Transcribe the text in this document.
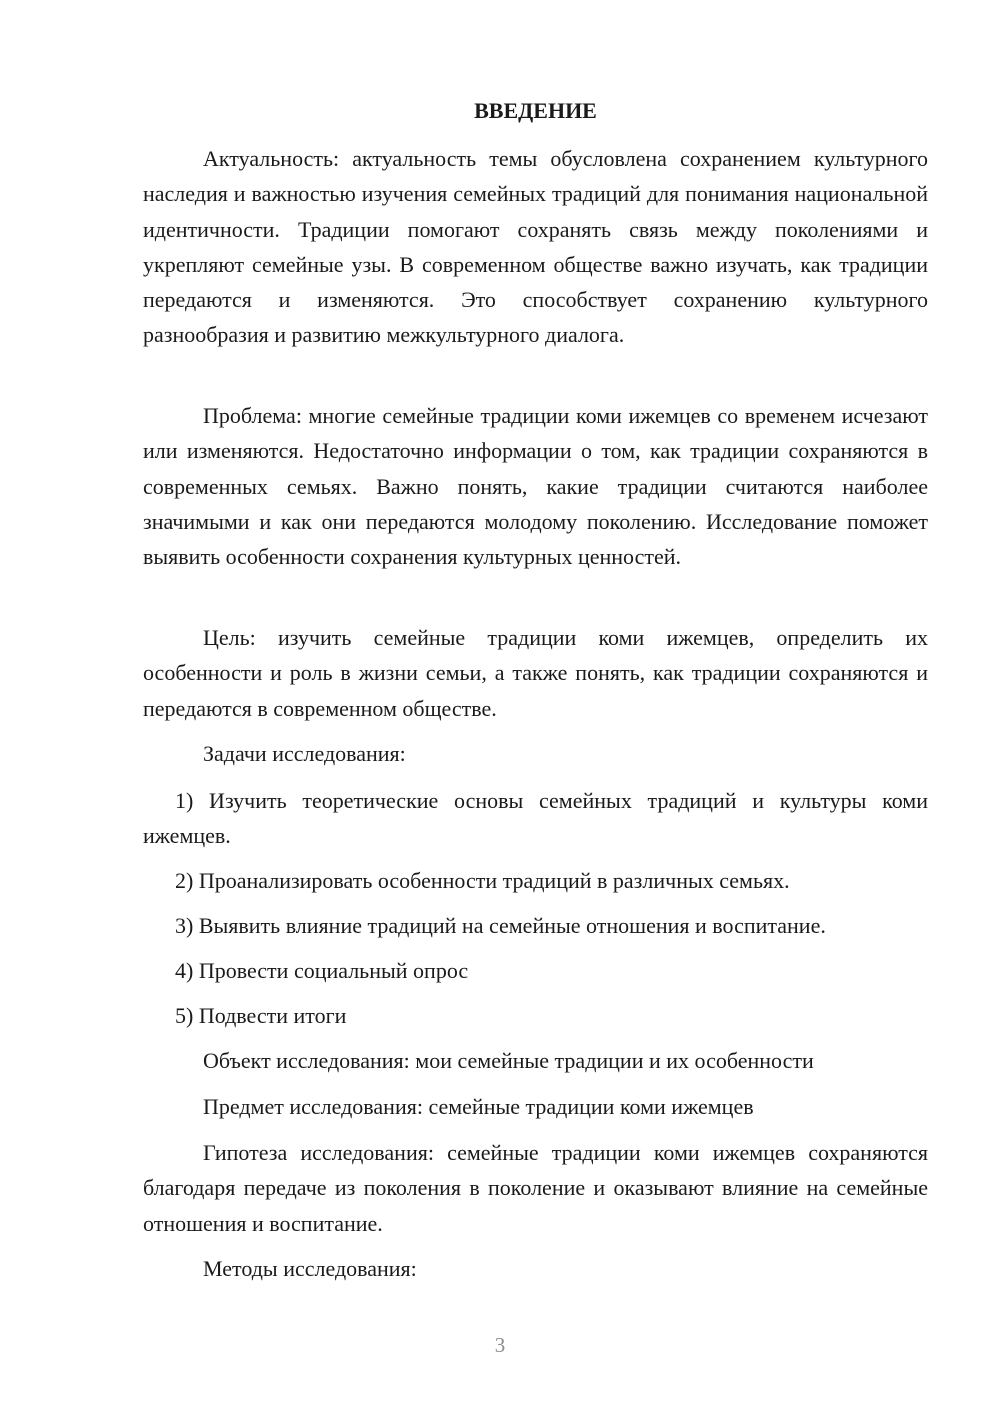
ВВЕДЕНИЕ

Актуальность: актуальность темы обусловлена сохранением культурного наследия и важностью изучения семейных традиций для понимания национальной идентичности. Традиции помогают сохранять связь между поколениями и укрепляют семейные узы. В современном обществе важно изучать, как традиции передаются и изменяются. Это способствует сохранению культурного разнообразия и развитию межкультурного диалога.

Проблема: многие семейные традиции коми ижемцев со временем исчезают или изменяются. Недостаточно информации о том, как традиции сохраняются в современных семьях. Важно понять, какие традиции считаются наиболее значимыми и как они передаются молодому поколению. Исследование поможет выявить особенности сохранения культурных ценностей.

Цель: изучить семейные традиции коми ижемцев, определить их особенности и роль в жизни семьи, а также понять, как традиции сохраняются и передаются в современном обществе.

Задачи исследования:

1) Изучить теоретические основы семейных традиций и культуры коми ижемцев.

2) Проанализировать особенности традиций в различных семьях.

3) Выявить влияние традиций на семейные отношения и воспитание.

4) Провести социальный опрос

5) Подвести итоги

Объект исследования: мои семейные традиции и их особенности

Предмет исследования: семейные традиции коми ижемцев

Гипотеза исследования: семейные традиции коми ижемцев сохраняются благодаря передаче из поколения в поколение и оказывают влияние на семейные отношения и воспитание.

Методы исследования:

3
